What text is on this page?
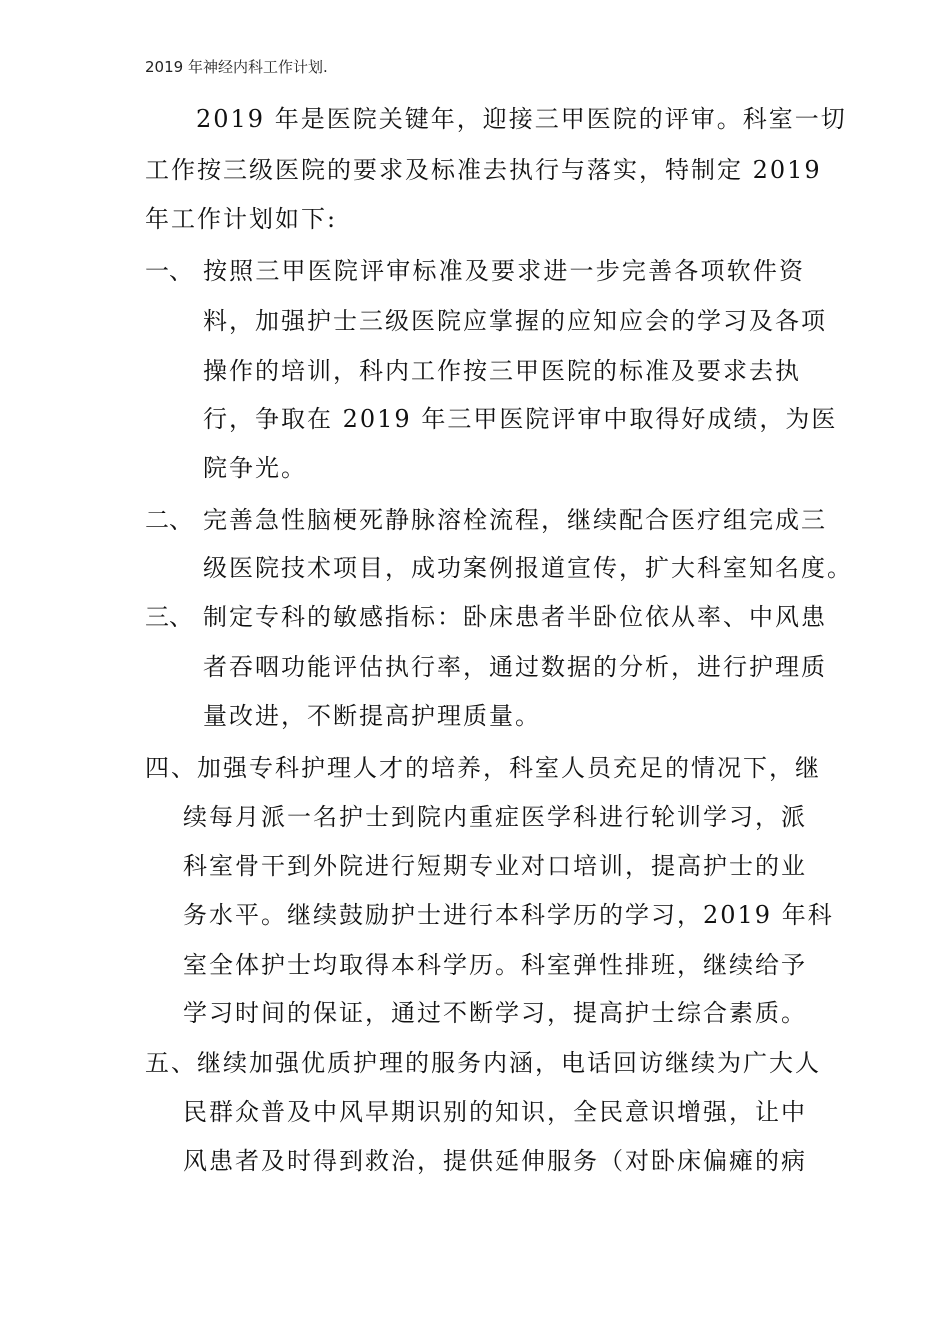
2019 年神经内科工作计划.
2019 年是医院关键年，迎接三甲医院的评审。科室一切
工作按三级医院的要求及标准去执行与落实，特制定 2019
年工作计划如下:
一、 按照三甲医院评审标准及要求进一步完善各项软件资
料，加强护士三级医院应掌握的应知应会的学习及各项
操作的培训，科内工作按三甲医院的标准及要求去执
行，争取在 2019 年三甲医院评审中取得好成绩，为医
院争光。
二、 完善急性脑梗死静脉溶栓流程，继续配合医疗组完成三
级医院技术项目，成功案例报道宣传，扩大科室知名度。
三、 制定专科的敏感指标：卧床患者半卧位依从率、中风患
者吞咽功能评估执行率，通过数据的分析，进行护理质
量改进，不断提高护理质量。
四、加强专科护理人才的培养，科室人员充足的情况下，继
续每月派一名护士到院内重症医学科进行轮训学习，派
科室骨干到外院进行短期专业对口培训，提高护士的业
务水平。继续鼓励护士进行本科学历的学习，2019 年科
室全体护士均取得本科学历。科室弹性排班，继续给予
学习时间的保证，通过不断学习，提高护士综合素质。
五、继续加强优质护理的服务内涵，电话回访继续为广大人
民群众普及中风早期识别的知识，全民意识增强，让中
风患者及时得到救治，提供延伸服务（对卧床偏瘫的病
